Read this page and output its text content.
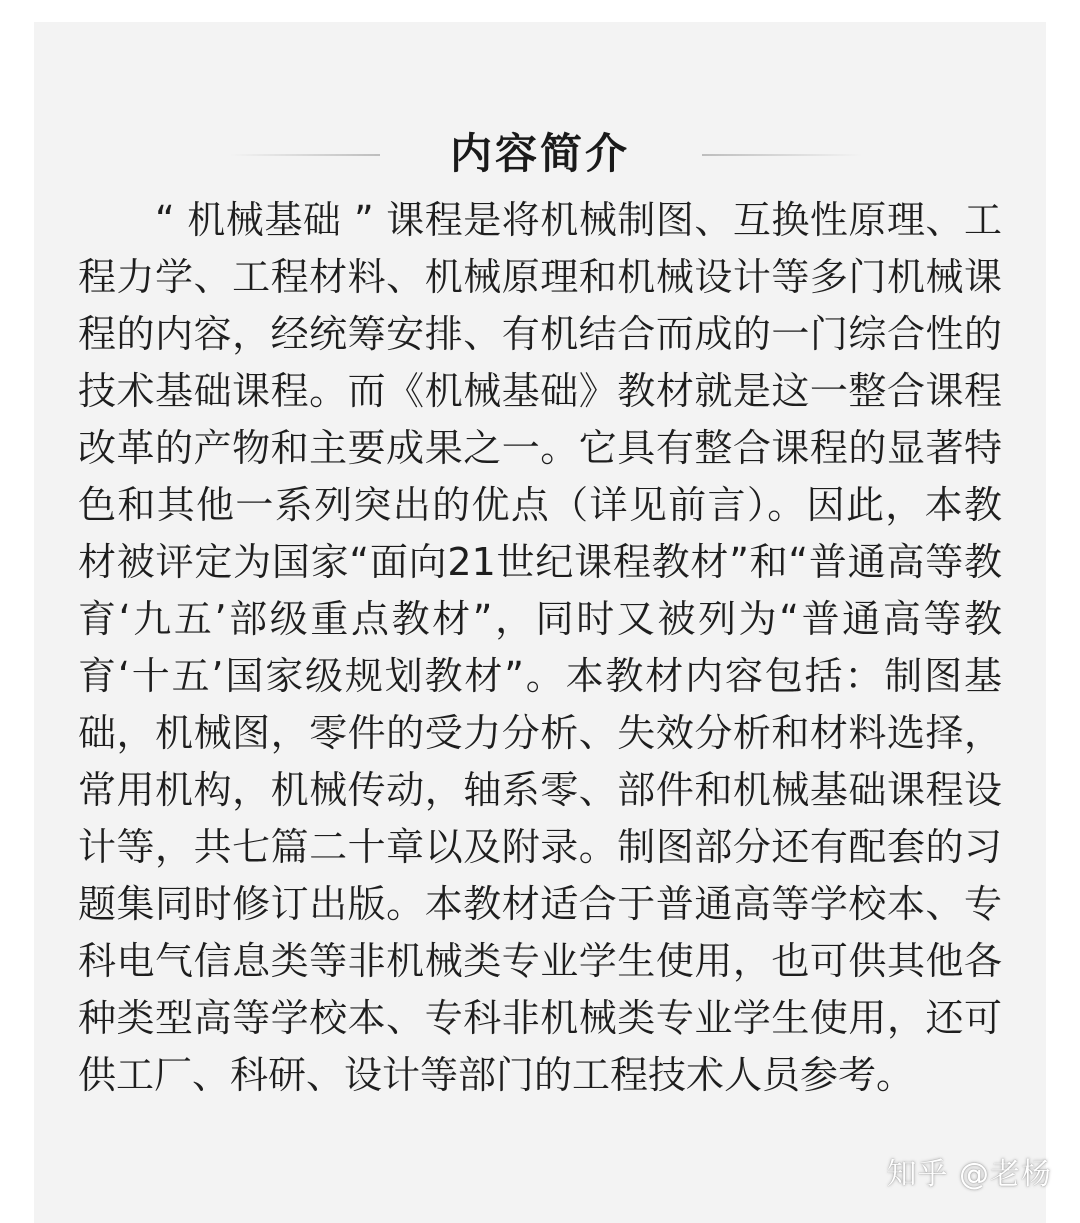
内容简介

“ 机械基础 ” 课程是将机械制图、互换性原理、工程力学、工程材料、机械原理和机械设计等多门机械课程的内容，经统筹安排、有机结合而成的一门综合性的技术基础课程。而《机械基础》教材就是这一整合课程改革的产物和主要成果之一。它具有整合课程的显著特色和其他一系列突出的优点（详见前言）。因此，本教材被评定为国家“面向21世纪课程教材”和“普通高等教育‘九五’部级重点教材”，同时又被列为“普通高等教育‘十五’国家级规划教材”。本教材内容包括：制图基础，机械图，零件的受力分析、失效分析和材料选择，常用机构，机械传动，轴系零、部件和机械基础课程设计等，共七篇二十章以及附录。制图部分还有配套的习题集同时修订出版。本教材适合于普通高等学校本、专科电气信息类等非机械类专业学生使用，也可供其他各种类型高等学校本、专科非机械类专业学生使用，还可供工厂、科研、设计等部门的工程技术人员参考。

知乎 @老杨
